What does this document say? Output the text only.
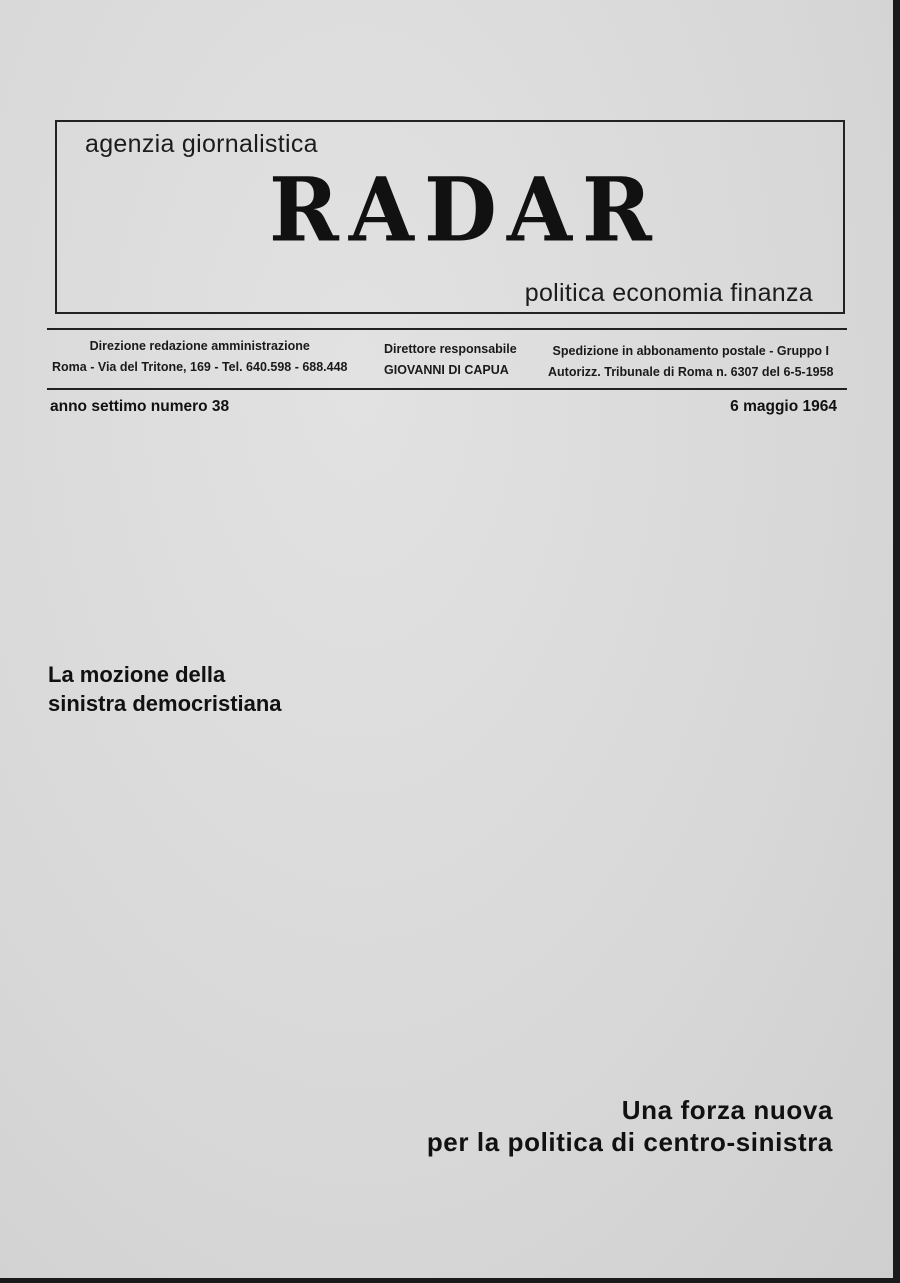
agenzia giornalistica
RADAR
politica economia finanza
Direzione redazione amministrazione
Roma - Via del Tritone, 169 - Tel. 640.598 - 688.448
Direttore responsabile
GIOVANNI DI CAPUA
Spedizione in abbonamento postale - Gruppo I
Autorizz. Tribunale di Roma n. 6307 del 6-5-1958
anno settimo numero 38	6 maggio 1964
La mozione della
sinistra democristiana
Una forza nuova
per la politica di centro-sinistra
